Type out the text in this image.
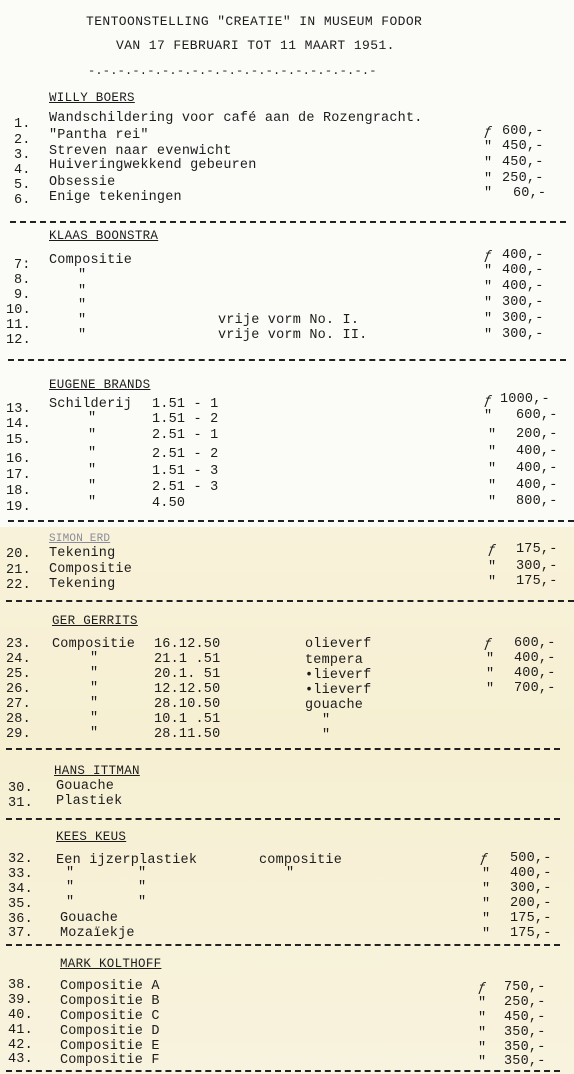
TENTOONSTELLING "CREATIE" IN MUSEUM FODOR
VAN 17 FEBRUARI TOT 11 MAART 1951.
-.-.-.-.-.-.-.-.-.-.-.-.-.-.-.-.-.-.-.-
WILLY BOERS
1. Wandschildering voor café aan de Rozengracht.
2. "Pantha rei"	ƒ 600,-
3. Streven naar evenwicht	" 450,-
4. Huiveringwekkend gebeuren	" 450,-
5. Obsessie	" 250,-
6. Enige tekeningen	" 60,-
KLAAS BOONSTRA
7: Compositie	ƒ 400,-
8.	"	" 400,-
9.	"	" 400,-
10.	"	" 300,-
11.	"	vrije vorm No. I.	" 300,-
12.	"	vrije vorm No. II.	" 300,-
EUGENE BRANDS
13. Schilderij 1.51 - 1	ƒ 1000,-
14.	"	1.51 - 2	" 600,-
15.	"	2.51 - 1	" 200,-
16.	"	2.51 - 2	" 400,-
17.	"	1.51 - 3	" 400,-
18.	"	2.51 - 3	" 400,-
19.	"	4.50	" 800,-
SIMON ERD
20. Tekening	ƒ 175,-
21. Compositie	" 300,-
22. Tekening	" 175,-
GER GERRITS
23. Compositie 16.12.50	olieverf	ƒ 600,-
24.	"	21.1 .51	tempera	" 400,-
25.	"	20.1. 51	•lieverf	" 400,-
26.	"	12.12.50	•lieverf	" 700,-
27.	"	28.10.50	gouache
28.	"	10.1 .51	"
29.	"	28.11.50	"
HANS ITTMAN
30. Gouache
31. Plastiek
KEES KEUS
32. Een ijzerplastiek	compositie	ƒ 500,-
33. "	"	"	" 400,-
34. "	"	" 300,-
35. "	"	" 200,-
36. Gouache	" 175,-
37. Mozaïekje	" 175,-
MARK KOLTHOFF
38. Compositie A	ƒ 750,-
39. Compositie B	" 250,-
40. Compositie C	" 450,-
41. Compositie D	" 350,-
42. Compositie E	" 350,-
43. Compositie F	" 350,-
